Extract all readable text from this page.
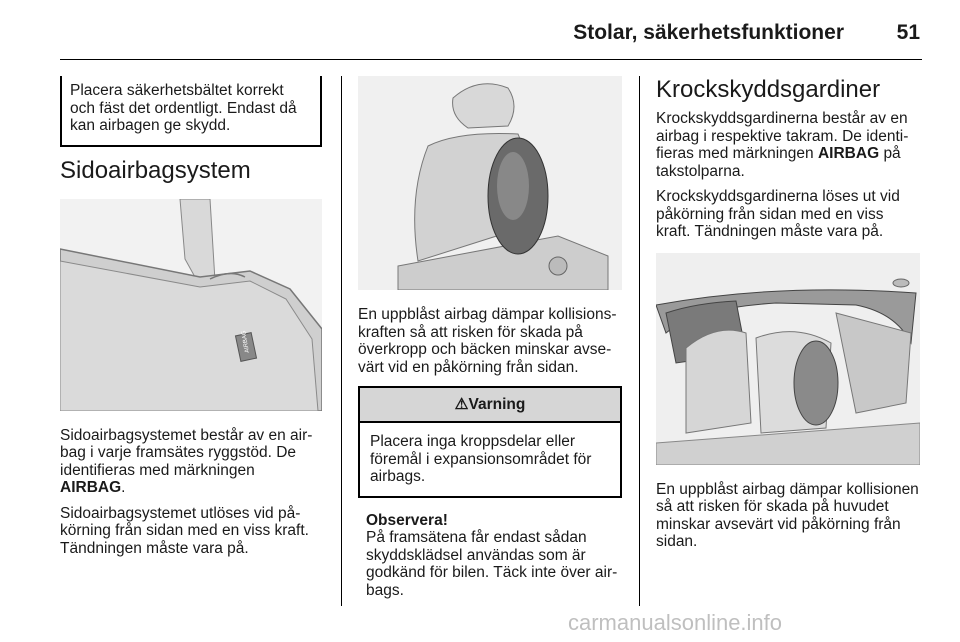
Stolar, säkerhetsfunktioner	51
Placera säkerhetsbältet korrekt och fäst det ordentligt. Endast då kan airbagen ge skydd.
Sidoairbagsystem
AIRBAG

Sidoairbagsystemet består av en air-bag i varje framsätes ryggstöd. De identifieras med märkningen AIRBAG.

Sidoairbagsystemet utlöses vid på-körning från sidan med en viss kraft. Tändningen måste vara på.

En uppblåst airbag dämpar kollisions-kraften så att risken för skada på överkropp och bäcken minskar avse-värt vid en påkörning från sidan.

⚠Varning
Placera inga kroppsdelar eller föremål i expansionsområdet för airbags.
Observera!

På framsätena får endast sådan skyddsklädsel användas som är godkänd för bilen. Täck inte över air-bags.

Krockskyddsgardiner

Krockskyddsgardinerna består av en airbag i respektive takram. De identi-fieras med märkningen AIRBAG på takstolparna.

Krockskyddsgardinerna löses ut vid påkörning från sidan med en viss kraft. Tändningen måste vara på.

En uppblåst airbag dämpar kollisionen så att risken för skada på huvudet minskar avsevärt vid påkörning från sidan.

carmanualsonline.info
